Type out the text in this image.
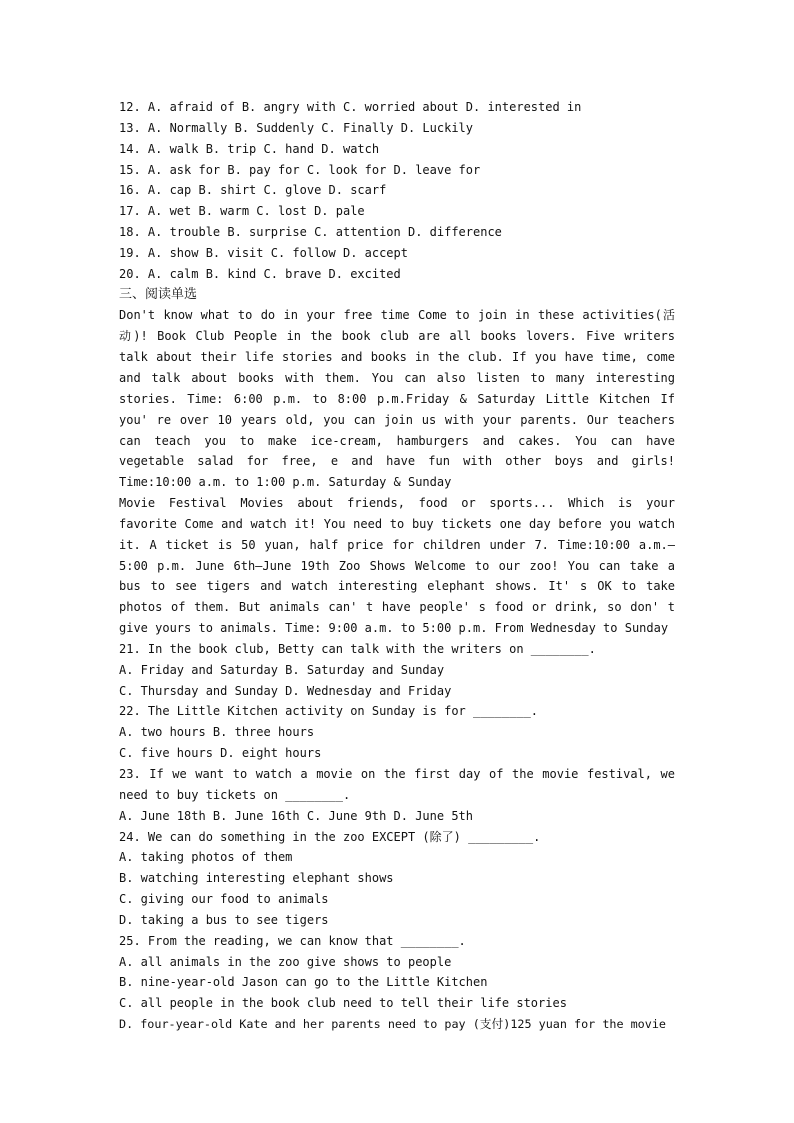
12. A. afraid of B. angry with C. worried about D. interested in
13. A. Normally B. Suddenly C. Finally D. Luckily
14. A. walk B. trip C. hand D. watch
15. A. ask for B. pay for C. look for D. leave for
16. A. cap B. shirt C. glove D. scarf
17. A. wet B. warm C. lost D. pale
18. A. trouble B. surprise C. attention D. difference
19. A. show B. visit C. follow D. accept
20. A. calm B. kind C. brave D. excited
三、阅读单选
Don't know what to do in your free time Come to join in these activities(活动)! Book Club People in the book club are all books lovers. Five writers talk about their life stories and books in the club. If you have time, come and talk about books with them. You can also listen to many interesting stories. Time: 6:00 p.m. to 8:00 p.m.Friday & Saturday Little Kitchen If you' re over 10 years old, you can join us with your parents. Our teachers can teach you to make ice-cream, hamburgers and cakes. You can have vegetable salad for free, e and have fun with other boys and girls! Time:10:00 a.m. to 1:00 p.m. Saturday & Sunday
Movie Festival Movies about friends, food or sports... Which is your favorite Come and watch it! You need to buy tickets one day before you watch it. A ticket is 50 yuan, half price for children under 7. Time:10:00 a.m.—5:00 p.m. June 6th—June 19th Zoo Shows Welcome to our zoo! You can take a bus to see tigers and watch interesting elephant shows. It' s OK to take photos of them. But animals can' t have people' s food or drink, so don' t give yours to animals. Time: 9:00 a.m. to 5:00 p.m. From Wednesday to Sunday
21. In the book club, Betty can talk with the writers on ________.
A. Friday and Saturday B. Saturday and Sunday
C. Thursday and Sunday D. Wednesday and Friday
22. The Little Kitchen activity on Sunday is for ________.
A. two hours B. three hours
C. five hours D. eight hours
23. If we want to watch a movie on the first day of the movie festival, we need to buy tickets on ________.
A. June 18th B. June 16th C. June 9th D. June 5th
24. We can do something in the zoo EXCEPT (除了) _________.
A. taking photos of them
B. watching interesting elephant shows
C. giving our food to animals
D. taking a bus to see tigers
25. From the reading, we can know that ________.
A. all animals in the zoo give shows to people
B. nine-year-old Jason can go to the Little Kitchen
C. all people in the book club need to tell their life stories
D. four-year-old Kate and her parents need to pay (支付)125 yuan for the movie
